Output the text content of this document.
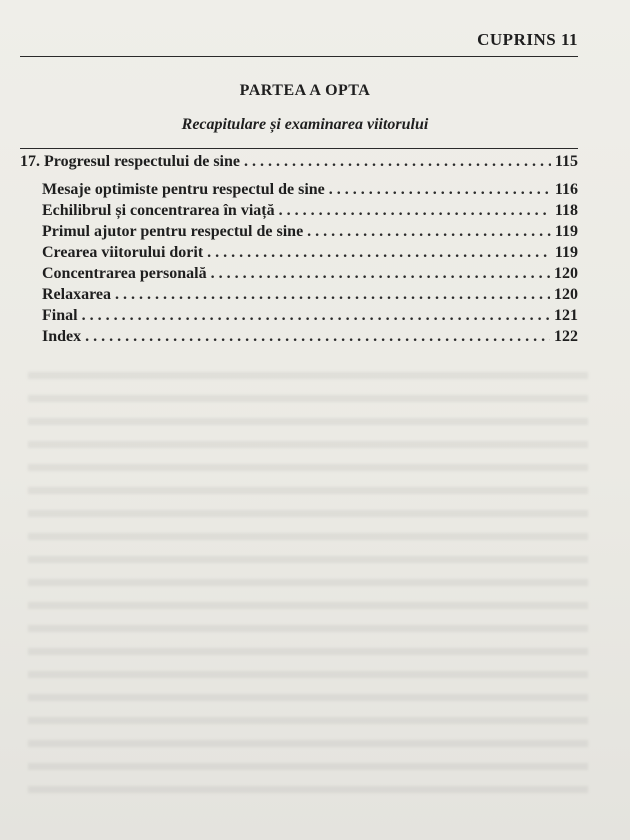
CUPRINS 11
PARTEA A OPTA
Recapitulare și examinarea viitorului
17. Progresul respectului de sine . . .	115
Mesaje optimiste pentru respectul de sine . . .	116
Echilibrul și concentrarea în viață . . .	118
Primul ajutor pentru respectul de sine . . .	119
Crearea viitorului dorit . . .	119
Concentrarea personală . . .	120
Relaxarea . . .	120
Final . . .	121
Index . . .	122
